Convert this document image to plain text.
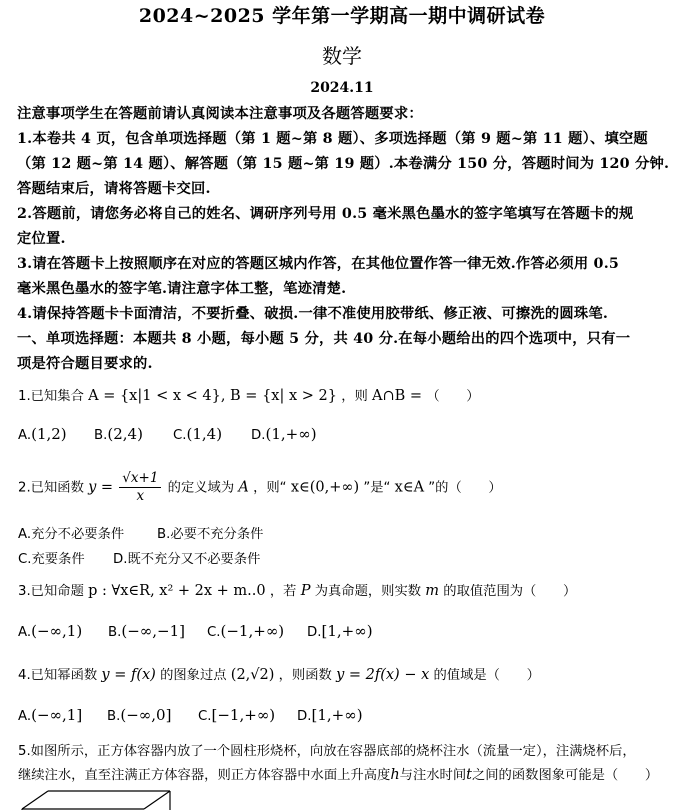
2024~2025 学年第一学期高一期中调研试卷
数学
2024.11
注意事项学生在答题前请认真阅读本注意事项及各题答题要求：
1.本卷共 4 页，包含单项选择题（第 1 题~第 8 题）、多项选择题（第 9 题~第 11 题）、填空题
（第 12 题~第 14 题）、解答题（第 15 题~第 19 题）.本卷满分 150 分，答题时间为 120 分钟.
答题结束后，请将答题卡交回.
2.答题前，请您务必将自己的姓名、调研序列号用 0.5 毫米黑色墨水的签字笔填写在答题卡的规
定位置.
3.请在答题卡上按照顺序在对应的答题区城内作答，在其他位置作答一律无效.作答必须用 0.5
毫米黑色墨水的签字笔.请注意字体工整，笔迹清楚.
4.请保持答题卡卡面清洁，不要折叠、破损.一律不准使用胶带纸、修正液、可擦洗的圆珠笔.
一、单项选择题：本题共 8 小题，每小题 5 分，共 40 分.在每小题给出的四个选项中，只有一
项是符合题目要求的.
1.已知集合 A = {x|1 < x < 4}, B = {x| x > 2} ，则 A∩B = （　　）
A.(1,2) B.(2,4) C.(1,4) D.(1,+∞)
2.已知函数 $y = \frac{√x+1}{x}$ 的定义域为 A ，则“ x∈(0,+∞) ”是“ x∈A ”的（　　）
A.充分不必要条件 B.必要不充分条件
C.充要条件 D.既不充分又不必要条件
3.已知命题 p : ∀x∈R, x² + 2x + m..0 ，若 P 为真命题，则实数 m 的取值范围为（　　）
A.(−∞,1) B.(−∞,−1] C.(−1,+∞) D.[1,+∞)
4.已知幂函数 y = f(x) 的图象过点 (2,√2) ，则函数 y = 2f(x) − x 的值域是（　　）
A.(−∞,1] B.(−∞,0] C.[−1,+∞) D.[1,+∞)
5.如图所示，正方体容器内放了一个圆柱形烧杯，向放在容器底部的烧杯注水（流量一定），注满烧杯后，
继续注水，直至注满正方体容器，则正方体容器中水面上升高度h与注水时间t之间的函数图象可能是（　　）
